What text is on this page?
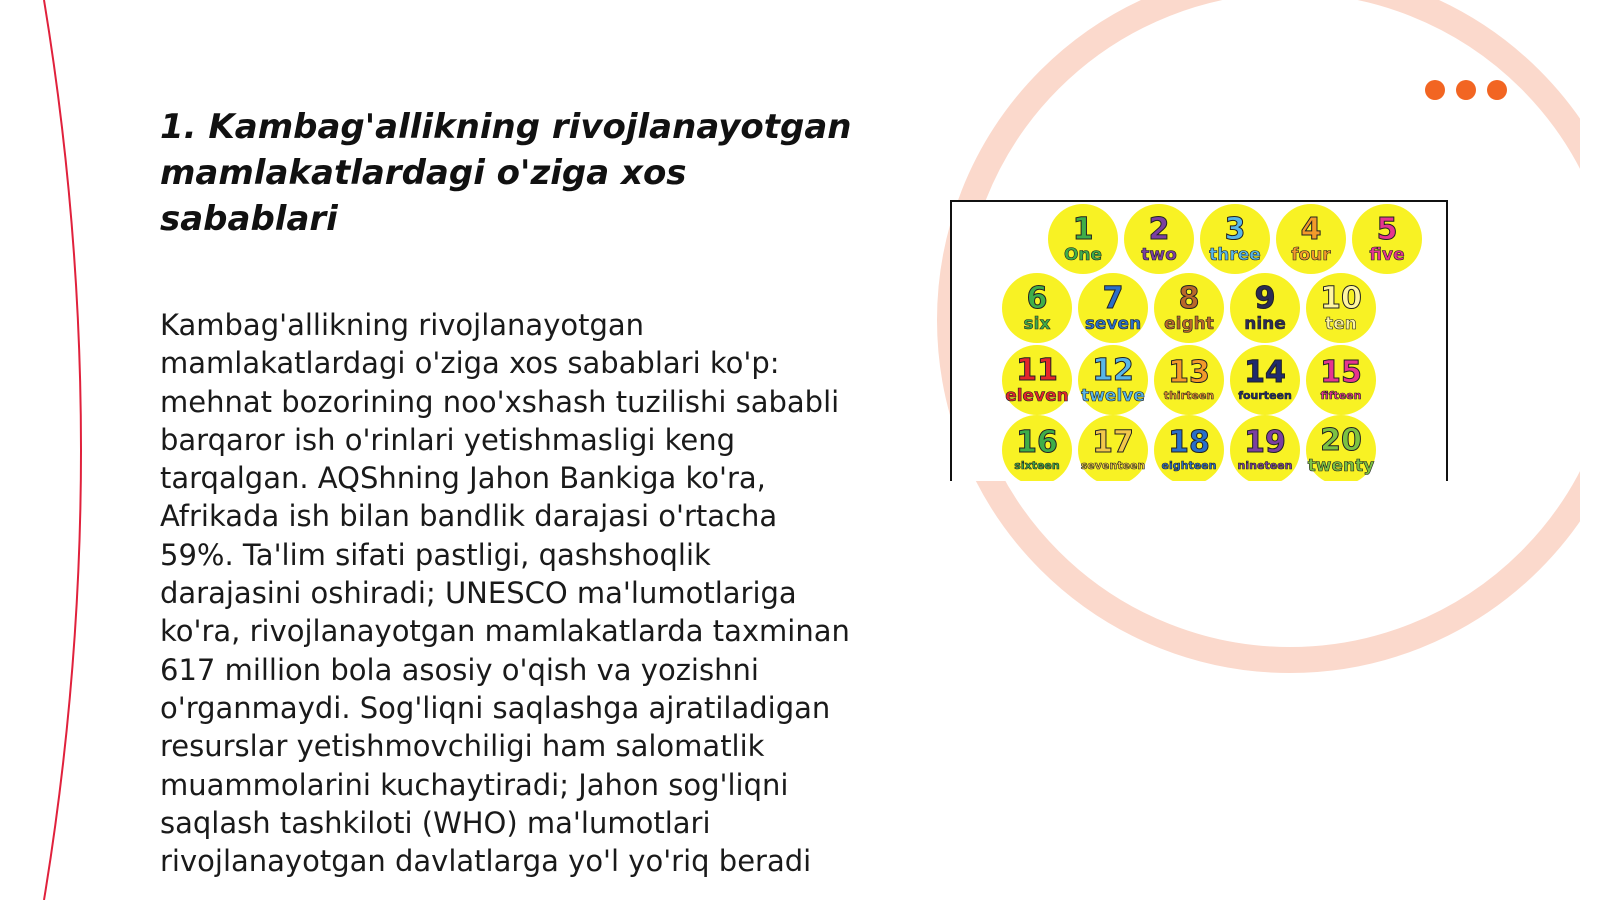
1. Kambag'allikning rivojlanayotgan mamlakatlardagi o'ziga xos sabablari

Kambag'allikning rivojlanayotgan mamlakatlardagi o'ziga xos sabablari ko'p: mehnat bozorining noo'xshash tuzilishi sababli barqaror ish o'rinlari yetishmasligi keng tarqalgan. AQShning Jahon Bankiga ko'ra, Afrikada ish bilan bandlik darajasi o'rtacha 59%. Ta'lim sifati pastligi, qashshoqlik darajasini oshiradi; UNESCO ma'lumotlariga ko'ra, rivojlanayotgan mamlakatlarda taxminan 617 million bola asosiy o'qish va yozishni o'rganmaydi. Sog'liqni saqlashga ajratiladigan resurslar yetishmovchiligi ham salomatlik muammolarini kuchaytiradi; Jahon sog'liqni saqlash tashkiloti (WHO) ma'lumotlari rivojlanayotgan davlatlarga yo'l yo'riq beradi

1
One
2
two
3
three
4
four
5
five
6
six
7
seven
8
eight
9
nine
10
ten
11
eleven
12
twelve
13
thirteen
14
fourteen
15
fifteen
16
sixteen
17
seventeen
18
eighteen
19
nineteen
20
twenty
